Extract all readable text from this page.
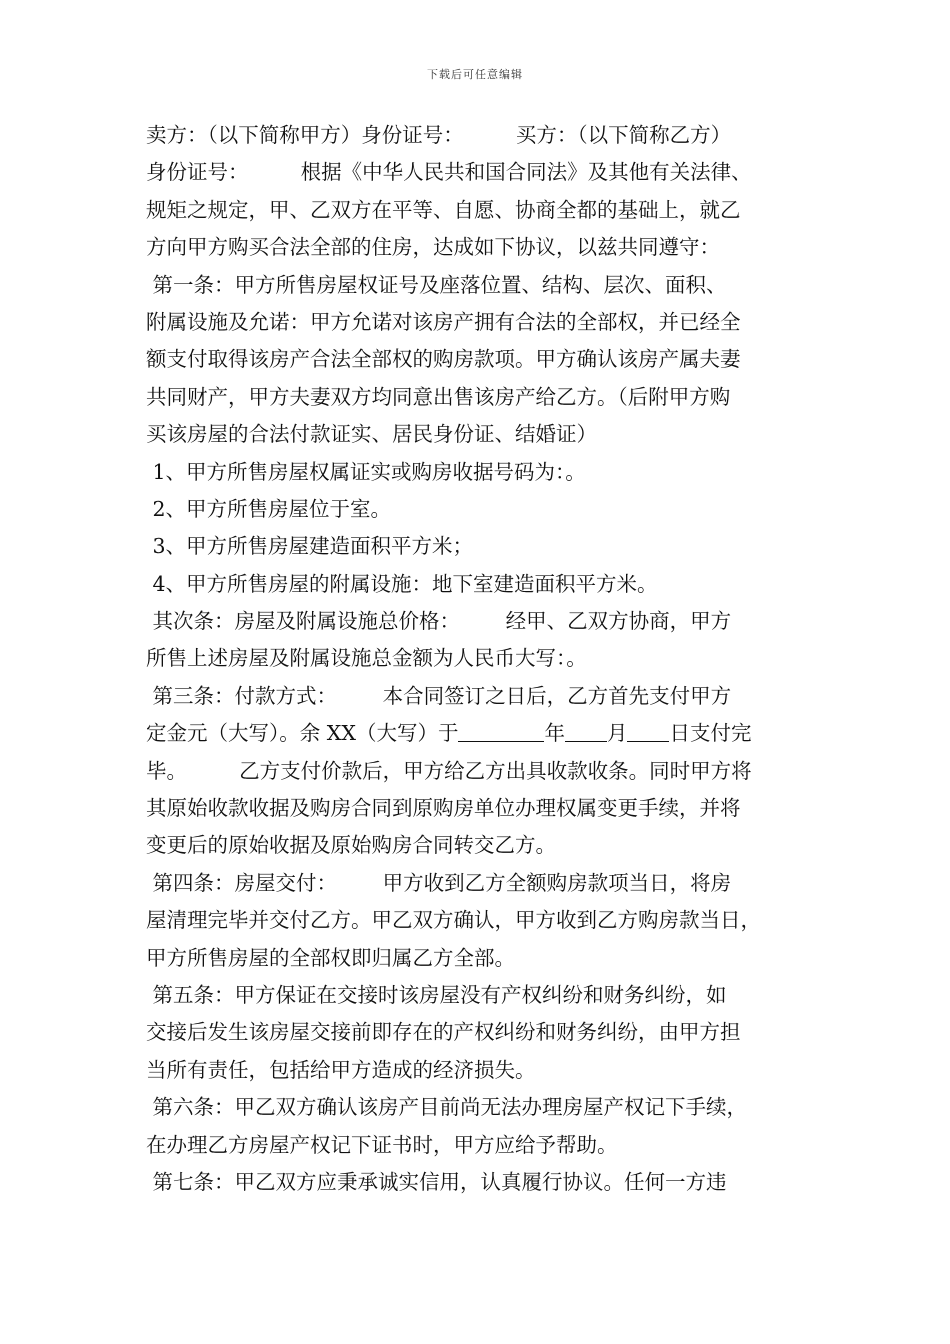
下载后可任意编辑
卖方：（以下简称甲方）身份证号：        买方：（以下简称乙方）
身份证号：        根据《中华人民共和国合同法》及其他有关法律、
规矩之规定，甲、乙双方在平等、自愿、协商全都的基础上，就乙
方向甲方购买合法全部的住房，达成如下协议，以兹共同遵守：
第一条：甲方所售房屋权证号及座落位置、结构、层次、面积、
附属设施及允诺：甲方允诺对该房产拥有合法的全部权，并已经全
额支付取得该房产合法全部权的购房款项。甲方确认该房产属夫妻
共同财产，甲方夫妻双方均同意出售该房产给乙方。（后附甲方购
买该房屋的合法付款证实、居民身份证、结婚证）
1、甲方所售房屋权属证实或购房收据号码为：。
2、甲方所售房屋位于室。
3、甲方所售房屋建造面积平方米；
4、甲方所售房屋的附属设施：地下室建造面积平方米。
其次条：房屋及附属设施总价格：       经甲、乙双方协商，甲方
所售上述房屋及附属设施总金额为人民币大写：。
第三条：付款方式：       本合同签订之日后，乙方首先支付甲方
定金元（大写）。余 XX（大写）于	年 月 日支付完
毕。        乙方支付价款后，甲方给乙方出具收款收条。同时甲方将
其原始收款收据及购房合同到原购房单位办理权属变更手续，并将
变更后的原始收据及原始购房合同转交乙方。
第四条：房屋交付：       甲方收到乙方全额购房款项当日，将房
屋清理完毕并交付乙方。甲乙双方确认，甲方收到乙方购房款当日，
甲方所售房屋的全部权即归属乙方全部。
第五条：甲方保证在交接时该房屋没有产权纠纷和财务纠纷，如
交接后发生该房屋交接前即存在的产权纠纷和财务纠纷，由甲方担
当所有责任，包括给甲方造成的经济损失。
第六条：甲乙双方确认该房产目前尚无法办理房屋产权记下手续，
在办理乙方房屋产权记下证书时，甲方应给予帮助。
第七条：甲乙双方应秉承诚实信用，认真履行协议。任何一方违
